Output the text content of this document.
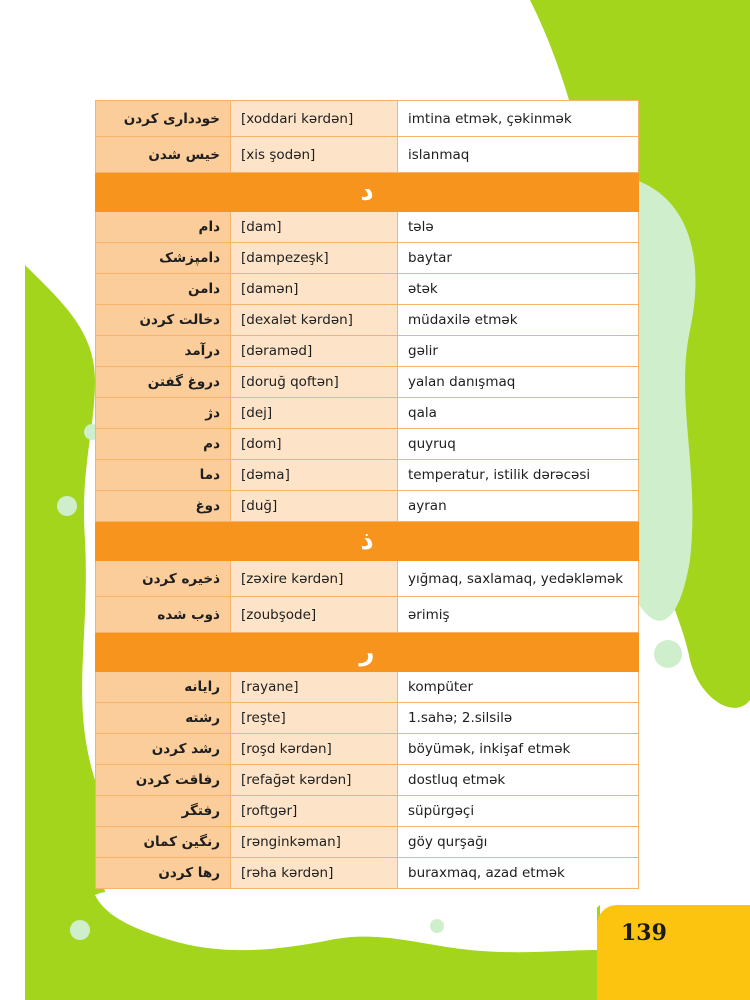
خودداری کردن	[xoddari kərdən]	imtina etmək, çəkinmək
خیس شدن	[xis şodən]	islanmaq
د		
دام	[dam]	tələ
دامپزشک	[dampezeşk]	baytar
دامن	[damən]	ətək
دخالت کردن	[dexalət kərdən]	müdaxilə etmək
درآمد	[dəraməd]	gəlir
دروغ گفتن	[doruğ qoftən]	yalan danışmaq
دژ	[dej]	qala
دم	[dom]	quyruq
دما	[dəma]	temperatur, istilik dərəcəsi
دوغ	[duğ]	ayran
ذ		
ذخیره کردن	[zəxire kərdən]	yığmaq, saxlamaq, yedəkləmək
ذوب شده	[zoubşode]	ərimiş
ر		
رایانه	[rayane]	kompüter
رشته	[reşte]	1.sahə; 2.silsilə
رشد کردن	[roşd kərdən]	böyümək, inkişaf etmək
رفاقت کردن	[refağət kərdən]	dostluq etmək
رفتگر	[roftgər]	süpürgəçi
رنگین کمان	[rənginkəman]	göy qurşağı
رها کردن	[rəha kərdən]	buraxmaq, azad etmək
139
